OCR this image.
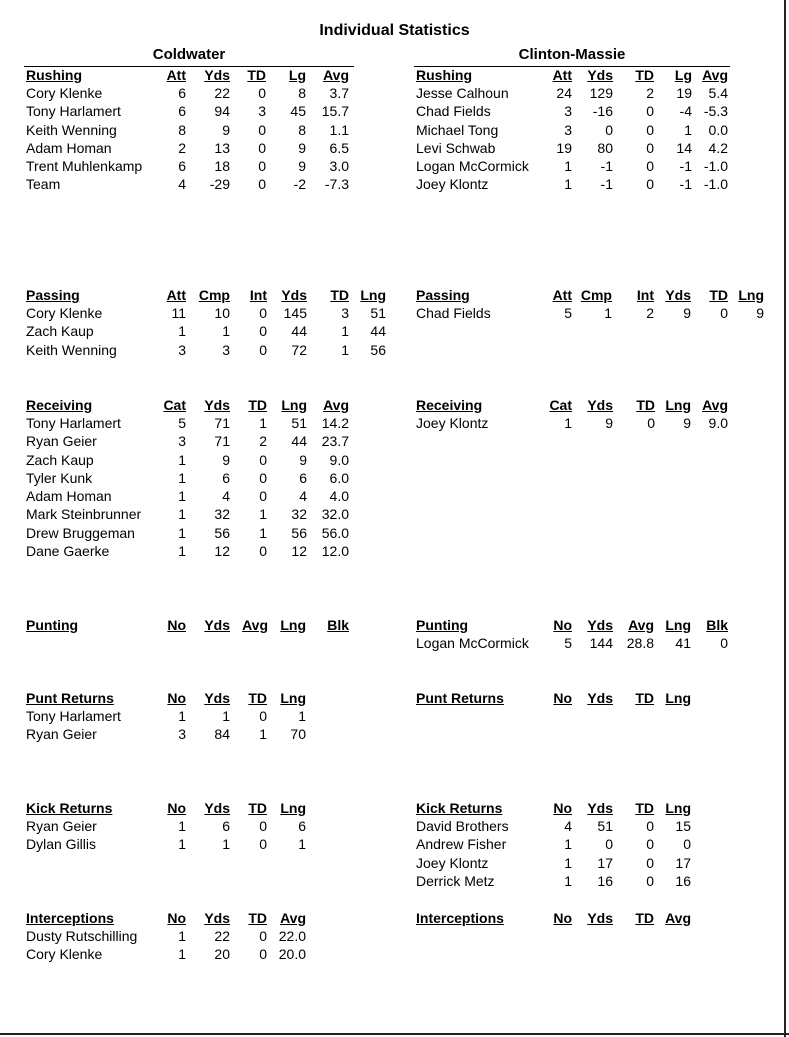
Individual Statistics
Coldwater	Clinton-Massie
Rushing	Att Yds TD Lg Avg
Cory Klenke	6 22 0 8 3.7
Tony Harlamert	6 94 3 45 15.7
Keith Wenning	8	9 0 8 1.1
Adam Homan	2 13 0 9 6.5
Trent Muhlenkamp	6 18 0 9 3.0
Team	4 -29 0 -2 -7.3
Rushing	Att Yds TD Lg Avg
Jesse Calhoun	24 129 2 19 5.4
Chad Fields	3 -16 0 -4 -5.3
Michael Tong	3 0 0 1 0.0
Levi Schwab	19 80 0 14 4.2
Logan McCormick	1 -1 0 -1 -1.0
Joey Klontz	1 -1 0 -1 -1.0
Passing	Att Cmp Int Yds TD Lng
Cory Klenke	11 10 0 145 3 51
Zach Kaup	1	1 0 44 1 44
Keith Wenning	3	3 0 72 1 56
Passing	Att Cmp Int Yds TD Lng
Chad Fields	5 1 2 9 0 9
Receiving	Cat Yds TD Lng Avg
Tony Harlamert	5 71 1 51 14.2
Ryan Geier	3 71 2 44 23.7
Zach Kaup	1	9 0 9 9.0
Tyler Kunk	1	6 0 6 6.0
Adam Homan	1	4 0 4 4.0
Mark Steinbrunner	1 32 1 32 32.0
Drew Bruggeman	1 56 1 56 56.0
Dane Gaerke	1 12 0 12 12.0
Receiving	Cat Yds TD Lng Avg
Joey Klontz	1 9 0 9 9.0
Punting	No Yds Avg Lng Blk	Punting	No Yds Avg Lng Blk
Logan McCormick	5 144 28.8 41 0
Punt Returns	No Yds TD Lng
Tony Harlamert	1	1 0 1
Ryan Geier	3 84 1 70
Punt Returns	No Yds TD Lng
Kick Returns	No Yds TD Lng
Ryan Geier	1	6 0 6
Dylan Gillis	1	1 0 1
Kick Returns	No Yds TD Lng
David Brothers	4 51 0 15
Andrew Fisher	1 0 0 0
Joey Klontz	1 17 0 17
Derrick Metz	1 16 0 16
Interceptions	No Yds TD Avg
Dusty Rutschilling	1 22 0 22.0
Cory Klenke	1 20 0 20.0
Interceptions	No Yds TD Avg
